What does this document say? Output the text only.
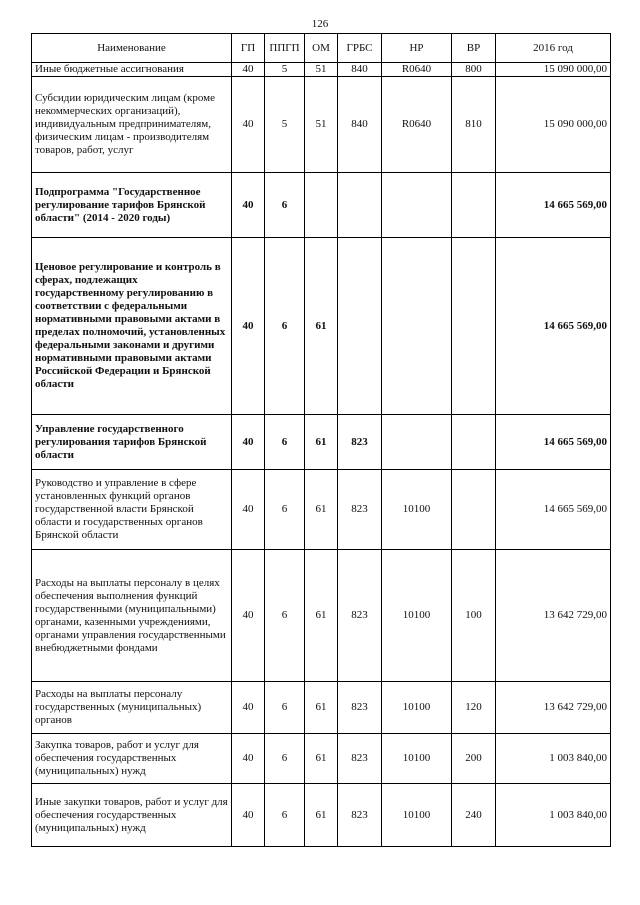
126
Наименование	ГП	ППГП	ОМ	ГРБС	НР	ВР	2016 год
Иные бюджетные ассигнования	40	5	51	840	R0640	800	15 090 000,00
Субсидии юридическим лицам (кроме некоммерческих организаций), индивидуальным предпринимателям, физическим лицам - производителям товаров, работ, услуг	40	5	51	840	R0640	810	15 090 000,00
Подпрограмма "Государственное регулирование тарифов Брянской области" (2014 - 2020 годы)	40	6					14 665 569,00
Ценовое регулирование и контроль в сферах, подлежащих государственному регулированию в соответствии с федеральными нормативными правовыми актами в пределах полномочий, установленных федеральными законами и другими нормативными правовыми актами Российской Федерации и Брянской области	40	6	61				14 665 569,00
Управление государственного регулирования тарифов Брянской области	40	6	61	823			14 665 569,00
Руководство и управление в сфере установленных функций органов государственной власти Брянской области и государственных органов Брянской области	40	6	61	823	10100		14 665 569,00
Расходы на выплаты персоналу в целях обеспечения выполнения функций государственными (муниципальными) органами, казенными учреждениями, органами управления государственными внебюджетными фондами	40	6	61	823	10100	100	13 642 729,00
Расходы на выплаты персоналу государственных (муниципальных) органов	40	6	61	823	10100	120	13 642 729,00
Закупка товаров, работ и услуг для обеспечения государственных (муниципальных) нужд	40	6	61	823	10100	200	1 003 840,00
Иные закупки товаров, работ и услуг для обеспечения государственных (муниципальных) нужд	40	6	61	823	10100	240	1 003 840,00
